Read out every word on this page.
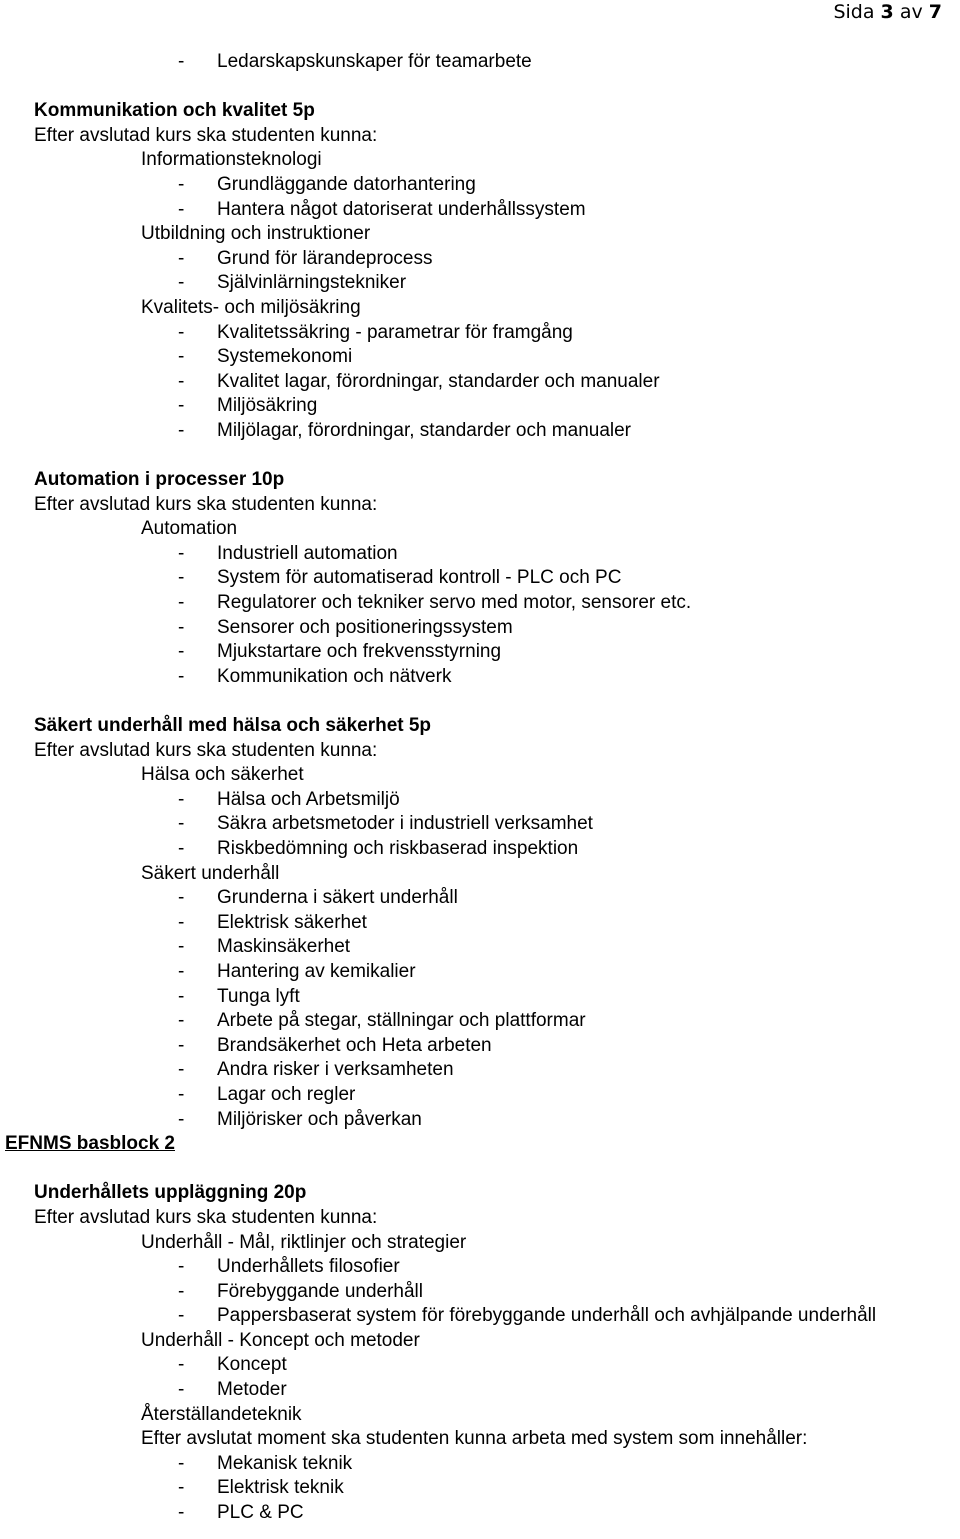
Sida 3 av 7
- Ledarskapskunskaper för teamarbete
Kommunikation och kvalitet 5p
Efter avslutad kurs ska studenten kunna:
Informationsteknologi
- Grundläggande datorhantering
- Hantera något datoriserat underhållssystem
Utbildning och instruktioner
- Grund för lärandeprocess
- Självinlärningstekniker
Kvalitets- och miljösäkring
- Kvalitetssäkring - parametrar för framgång
- Systemekonomi
- Kvalitet lagar, förordningar, standarder och manualer
- Miljösäkring
- Miljölagar, förordningar, standarder och manualer
Automation i processer 10p
Efter avslutad kurs ska studenten kunna:
Automation
- Industriell automation
- System för automatiserad kontroll - PLC och PC
- Regulatorer och tekniker servo med motor, sensorer etc.
- Sensorer och positioneringssystem
- Mjukstartare och frekvensstyrning
- Kommunikation och nätverk
Säkert underhåll med hälsa och säkerhet 5p
Efter avslutad kurs ska studenten kunna:
Hälsa och säkerhet
- Hälsa och Arbetsmiljö
- Säkra arbetsmetoder i industriell verksamhet
- Riskbedömning och riskbaserad inspektion
Säkert underhåll
- Grunderna i säkert underhåll
- Elektrisk säkerhet
- Maskinsäkerhet
- Hantering av kemikalier
- Tunga lyft
- Arbete på stegar, ställningar och plattformar
- Brandsäkerhet och Heta arbeten
- Andra risker i verksamheten
- Lagar och regler
- Miljörisker och påverkan
EFNMS basblock 2
Underhållets uppläggning 20p
Efter avslutad kurs ska studenten kunna:
Underhåll - Mål, riktlinjer och strategier
- Underhållets filosofier
- Förebyggande underhåll
- Pappersbaserat system för förebyggande underhåll och avhjälpande underhåll
Underhåll - Koncept och metoder
- Koncept
- Metoder
Återställandeteknik
Efter avslutat moment ska studenten kunna arbeta med system som innehåller:
- Mekanisk teknik
- Elektrisk teknik
- PLC & PC
